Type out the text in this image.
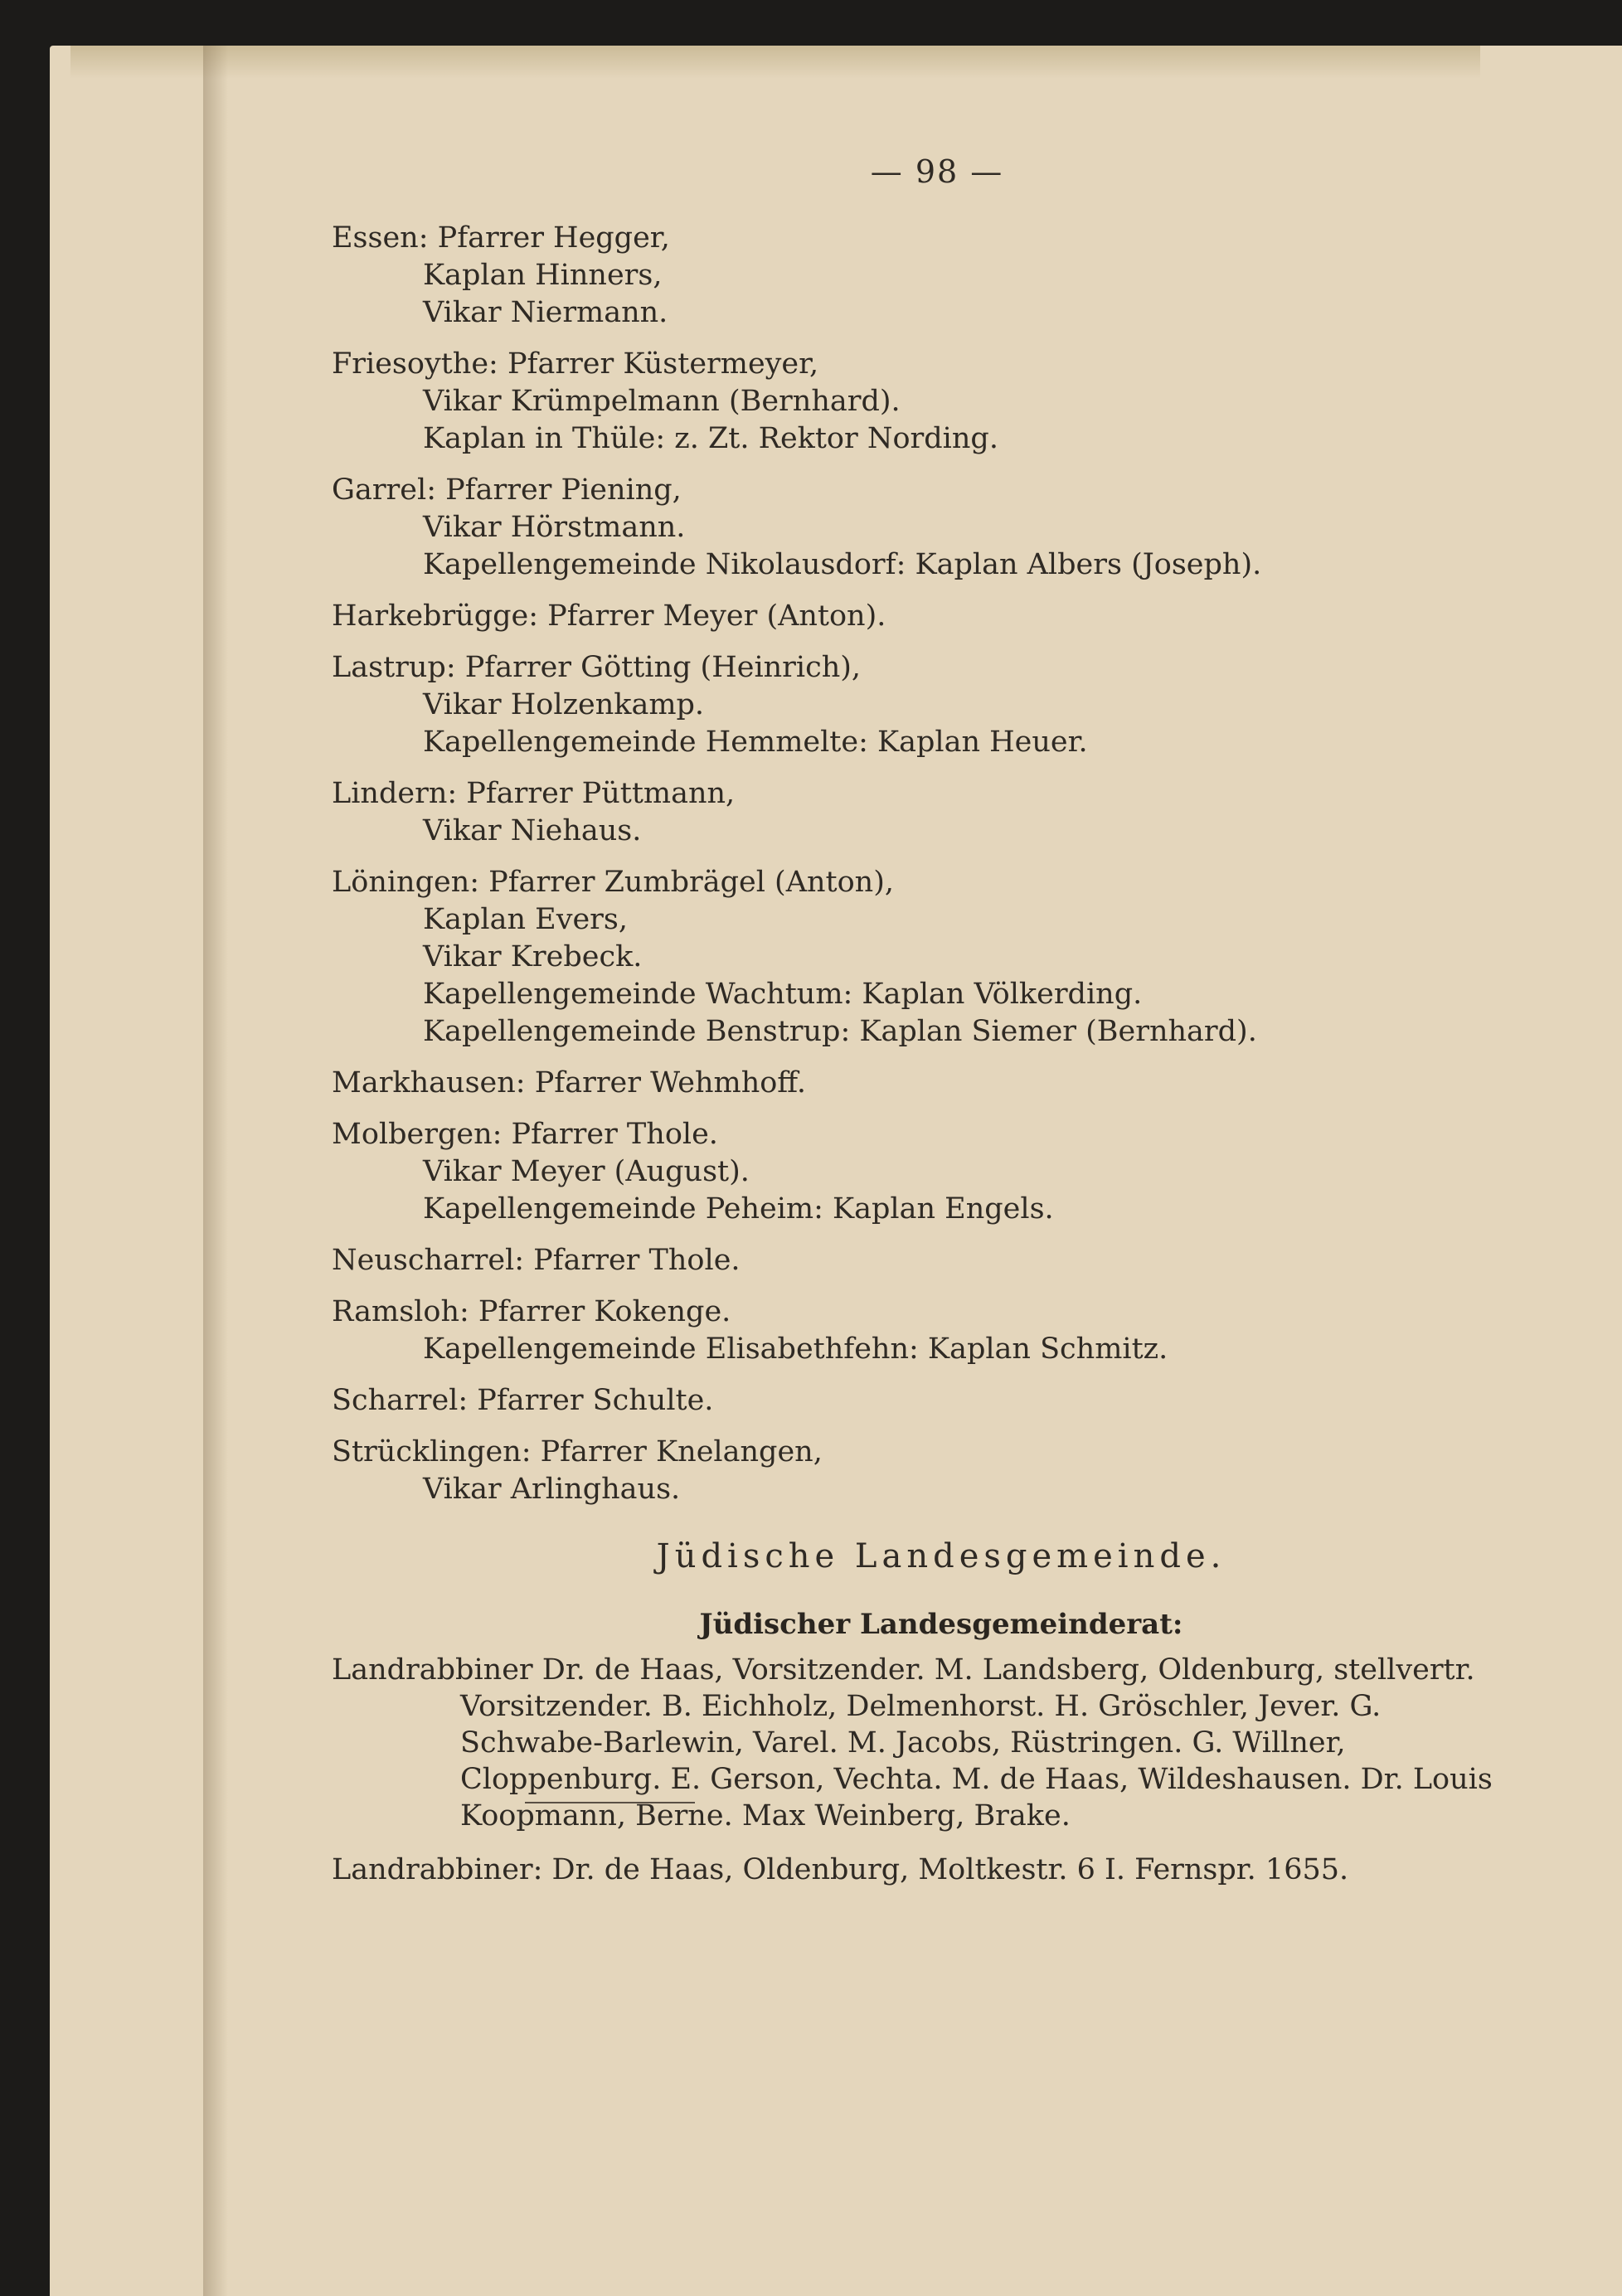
— 98 —
Essen: Pfarrer Hegger,
Kaplan Hinners,
Vikar Niermann.
Friesoythe: Pfarrer Küstermeyer,
Vikar Krümpelmann (Bernhard).
Kaplan in Thüle: z. Zt. Rektor Nording.
Garrel: Pfarrer Piening,
Vikar Hörstmann.
Kapellengemeinde Nikolausdorf: Kaplan Albers (Joseph).
Harkebrügge: Pfarrer Meyer (Anton).
Lastrup: Pfarrer Götting (Heinrich),
Vikar Holzenkamp.
Kapellengemeinde Hemmelte: Kaplan Heuer.
Lindern: Pfarrer Püttmann,
Vikar Niehaus.
Löningen: Pfarrer Zumbrägel (Anton),
Kaplan Evers,
Vikar Krebeck.
Kapellengemeinde Wachtum: Kaplan Völkerding.
Kapellengemeinde Benstrup: Kaplan Siemer (Bernhard).
Markhausen: Pfarrer Wehmhoff.
Molbergen: Pfarrer Thole.
Vikar Meyer (August).
Kapellengemeinde Peheim: Kaplan Engels.
Neuscharrel: Pfarrer Thole.
Ramsloh: Pfarrer Kokenge.
Kapellengemeinde Elisabethfehn: Kaplan Schmitz.
Scharrel: Pfarrer Schulte.
Strücklingen: Pfarrer Knelangen,
Vikar Arlinghaus.
Jüdische Landesgemeinde.
Jüdischer Landesgemeinderat:
Landrabbiner Dr. de Haas, Vorsitzender. M. Landsberg, Oldenburg, stellvertr.
Vorsitzender. B. Eichholz, Delmenhorst. H. Gröschler, Jever. G.
Schwabe-Barlewin, Varel. M. Jacobs, Rüstringen. G. Willner,
Cloppenburg. E. Gerson, Vechta. M. de Haas, Wildeshausen. Dr. Louis
Koopmann, Berne. Max Weinberg, Brake.
Landrabbiner: Dr. de Haas, Oldenburg, Moltkestr. 6 I. Fernspr. 1655.
